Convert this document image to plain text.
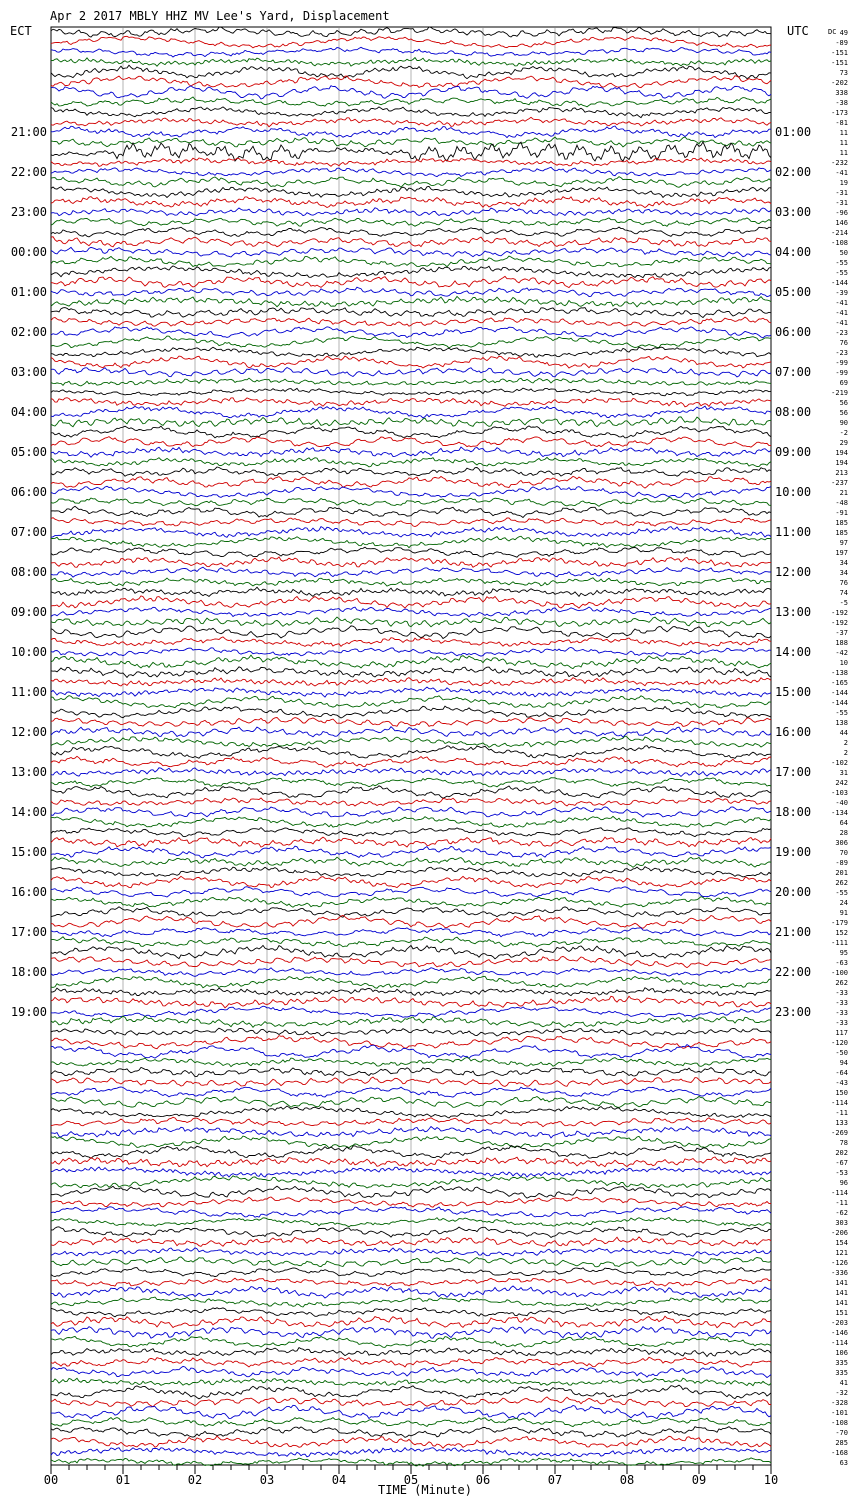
Apr 2 2017 MBLY HHZ MV Lee's Yard, Displacement
ECT	UTC	DC
21:00
22:00
23:00
00:00
01:00
02:00
03:00
04:00
05:00
06:00
07:00
08:00
09:00
10:00
11:00
12:00
13:00
14:00
15:00
16:00
17:00
18:00
19:00
01:00
02:00
03:00
04:00
05:00
06:00
07:00
08:00
09:00
10:00
11:00
12:00
13:00
14:00
15:00
16:00
17:00
18:00
19:00
20:00
21:00
22:00
23:00
49
-89
-151
-151
73
-202
338
-38
-173
-81
11
11
11
-232
-41
19
-31
-31
-96
146
-214
-108
50
-55
-55
-144
-39
-41
-41
-41
-23
76
-23
-99
-99
69
-219
56
56
90
-2
29
194
194
213
-237
21
-48
-91
185
185
97
197
34
34
76
74
-5
-192
-192
-37
188
-42
10
-138
-165
-144
-144
-55
138
44
2
2
-102
31
242
-103
-40
-134
64
28
306
70
-89
201
262
-55
24
91
-179
152
-111
95
-63
-100
262
-33
-33
-33
-33
117
-120
-50
94
-64
-43
150
-114
-11
133
-269
78
202
-67
-53
96
-114
-11
-62
303
-206
154
121
-126
-336
141
141
141
151
-203
-146
-114
106
335
335
41
-32
-328
-101
-108
-70
285
-168
63
00	01	02	03	04	05	06	07	08	09	10
TIME (Minute)
